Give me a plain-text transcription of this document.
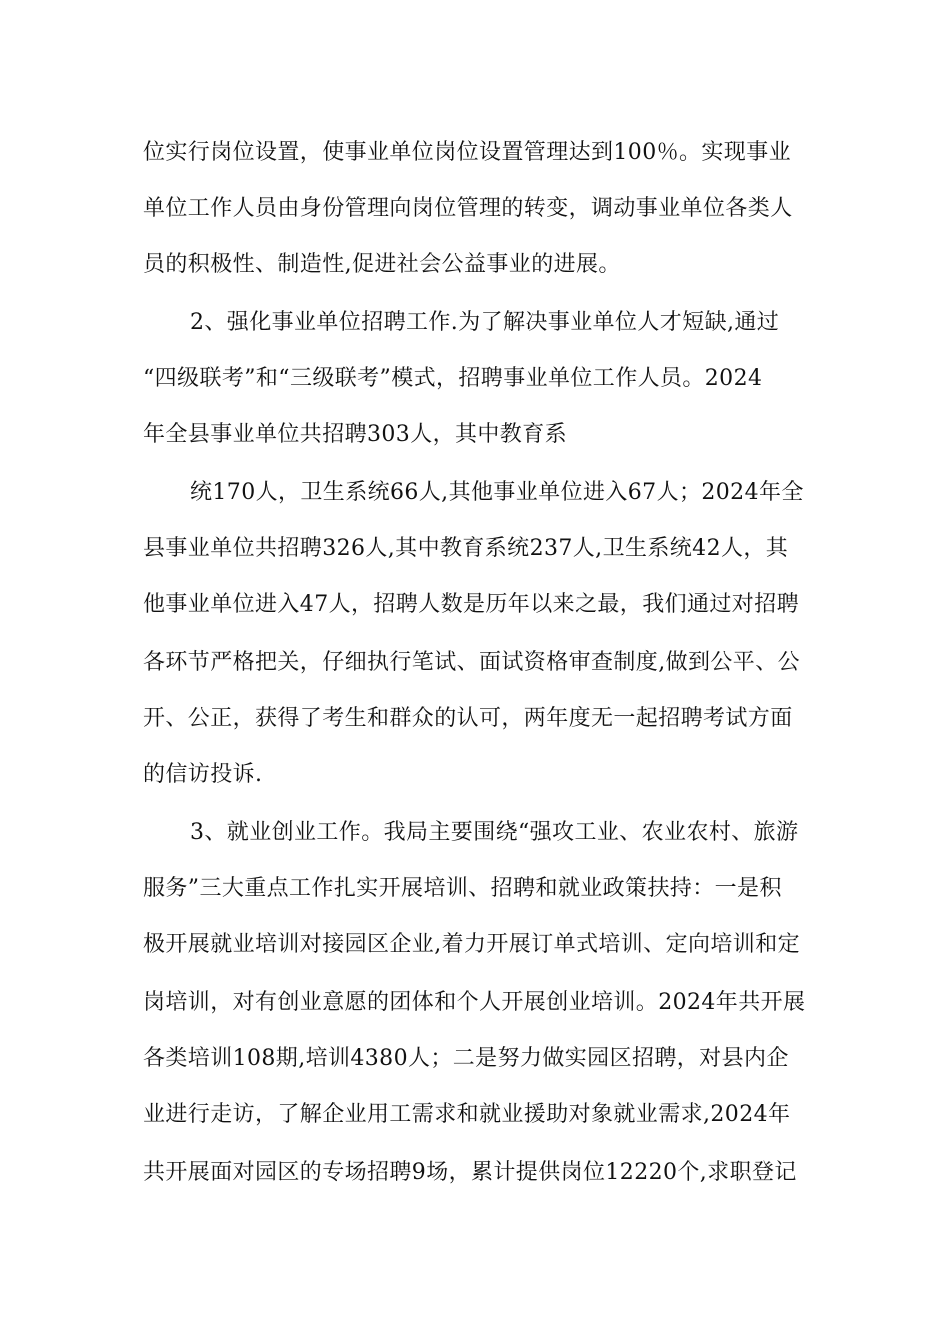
位实行岗位设置，使事业单位岗位设置管理达到100％。实现事业
单位工作人员由身份管理向岗位管理的转变，调动事业单位各类人
员的积极性、制造性,促进社会公益事业的进展。
2、强化事业单位招聘工作.为了解决事业单位人才短缺,通过
“四级联考”和“三级联考”模式，招聘事业单位工作人员。2024
年全县事业单位共招聘303人，其中教育系
统170人，卫生系统66人,其他事业单位进入67人；2024年全
县事业单位共招聘326人,其中教育系统237人,卫生系统42人，其
他事业单位进入47人，招聘人数是历年以来之最，我们通过对招聘
各环节严格把关，仔细执行笔试、面试资格审查制度,做到公平、公
开、公正，获得了考生和群众的认可，两年度无一起招聘考试方面
的信访投诉.
3、就业创业工作。我局主要围绕“强攻工业、农业农村、旅游
服务”三大重点工作扎实开展培训、招聘和就业政策扶持：一是积
极开展就业培训对接园区企业,着力开展订单式培训、定向培训和定
岗培训，对有创业意愿的团体和个人开展创业培训。2024年共开展
各类培训108期,培训4380人；二是努力做实园区招聘，对县内企
业进行走访，了解企业用工需求和就业援助对象就业需求,2024年
共开展面对园区的专场招聘9场，累计提供岗位12220个,求职登记
